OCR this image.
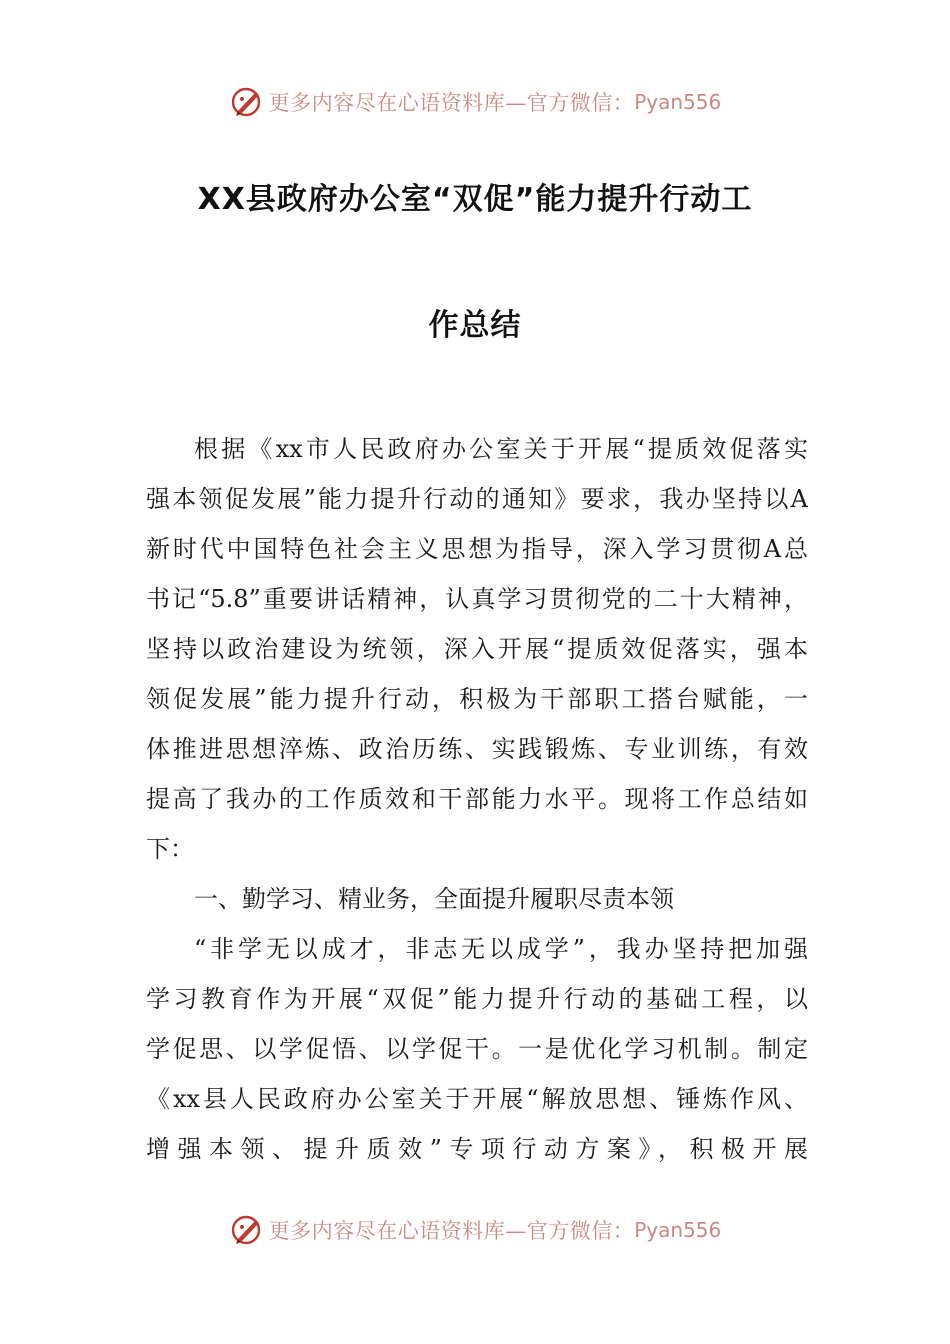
更多内容尽在心语资料库—官方微信： Pyan556
XX县政府办公室“双促”能力提升行动工
作总结
根据《xx市人民政府办公室关于开展“提质效促落实
强本领促发展”能力提升行动的通知》要求，我办坚持以A
新时代中国特色社会主义思想为指导，深入学习贯彻A总
书记“5.8”重要讲话精神，认真学习贯彻党的二十大精神，
坚持以政治建设为统领，深入开展“提质效促落实，强本
领促发展”能力提升行动，积极为干部职工搭台赋能，一
体推进思想淬炼、政治历练、实践锻炼、专业训练，有效
提高了我办的工作质效和干部能力水平。现将工作总结如
下：
一、勤学习、精业务，全面提升履职尽责本领
“非学无以成才，非志无以成学”，我办坚持把加强
学习教育作为开展“双促”能力提升行动的基础工程，以
学促思、以学促悟、以学促干。一是优化学习机制。制定
《xx县人民政府办公室关于开展“解放思想、锤炼作风、
增强本领、提升质效”专项行动方案》，积极开展
更多内容尽在心语资料库—官方微信： Pyan556
